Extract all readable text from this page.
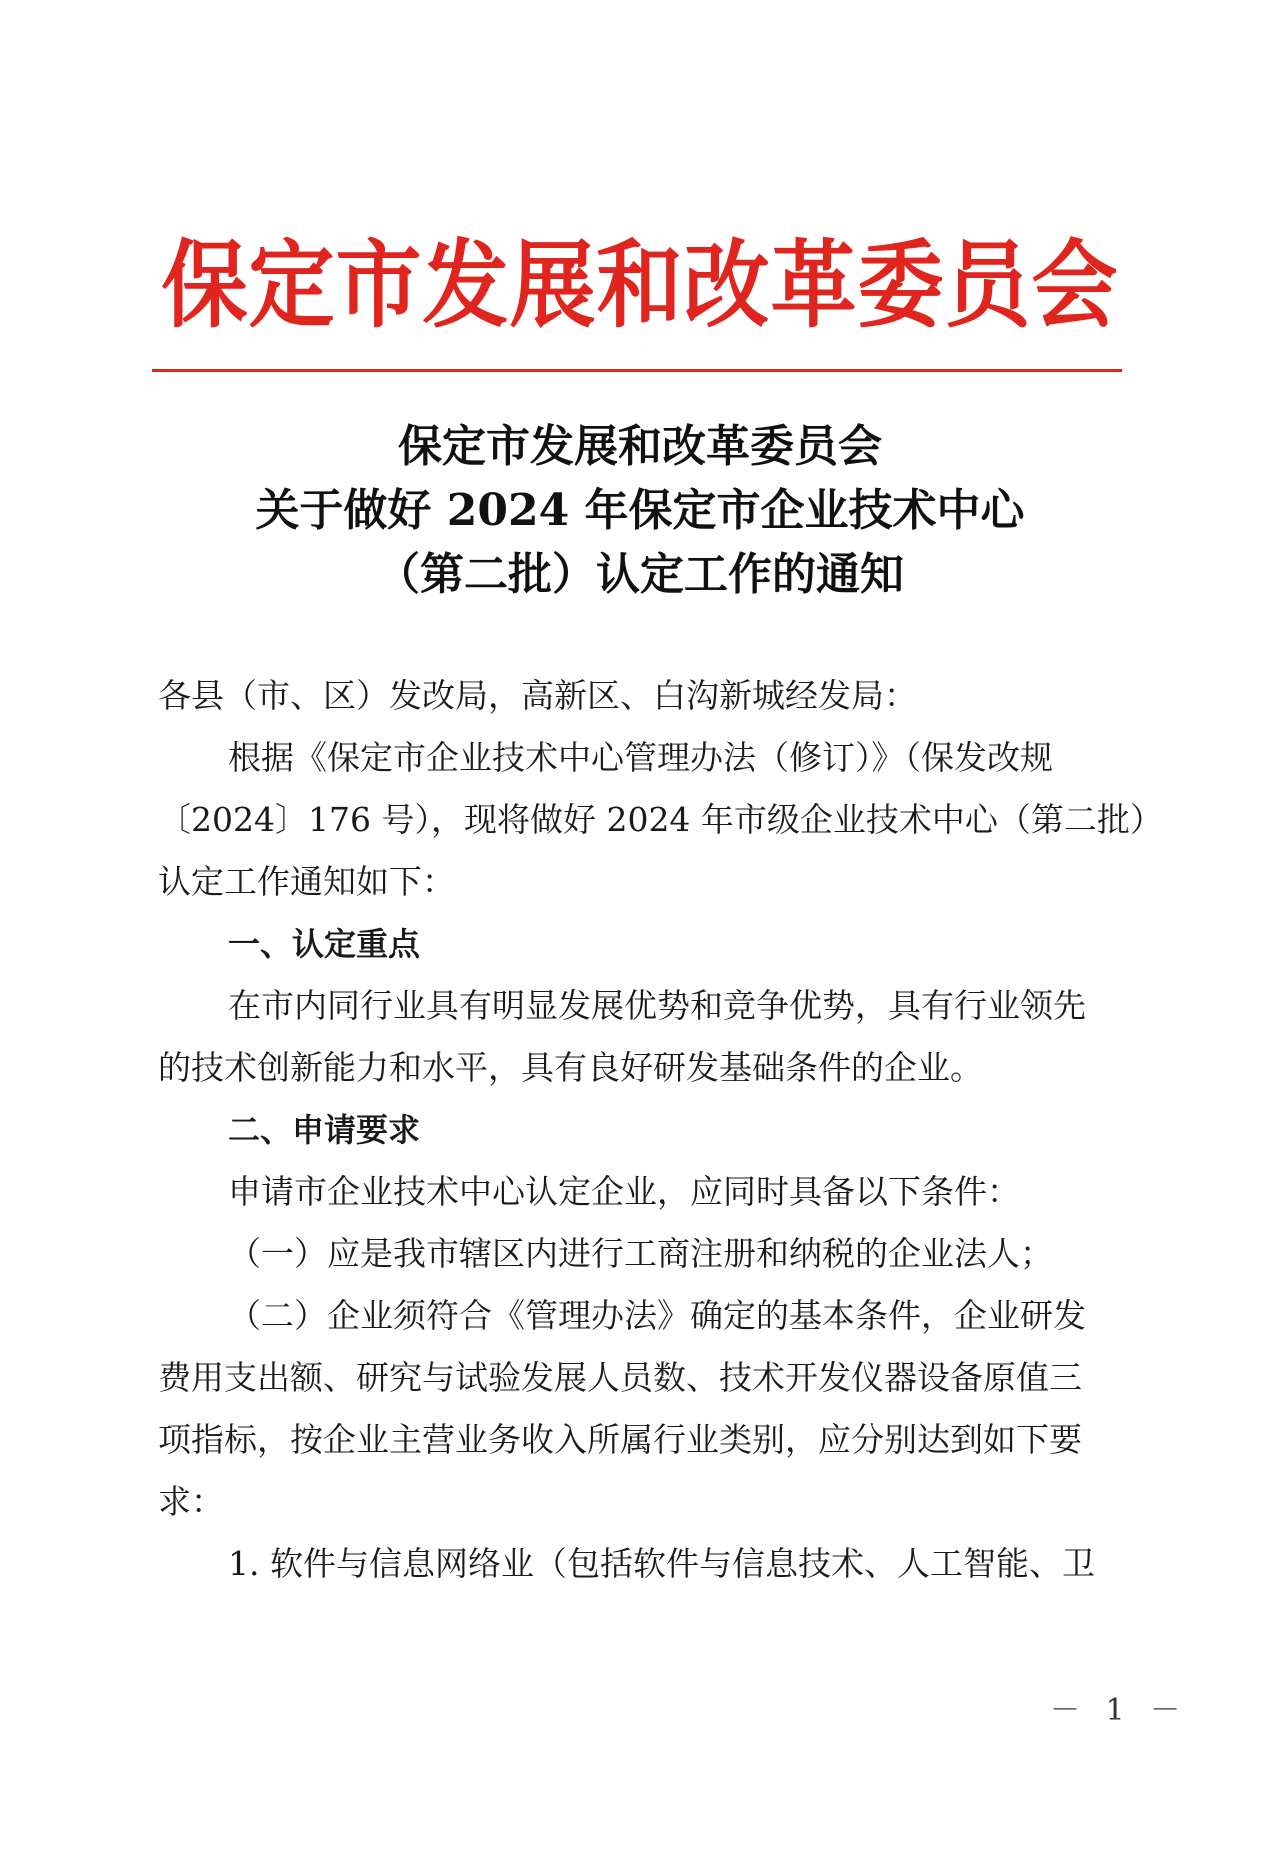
保定市发展和改革委员会
保定市发展和改革委员会
关于做好 2024 年保定市企业技术中心
（第二批）认定工作的通知
各县（市、区）发改局，高新区、白沟新城经发局：
根据《保定市企业技术中心管理办法（修订）》（保发改规
〔2024〕176 号），现将做好 2024 年市级企业技术中心（第二批）
认定工作通知如下：
一、认定重点
在市内同行业具有明显发展优势和竞争优势，具有行业领先
的技术创新能力和水平，具有良好研发基础条件的企业。
二、申请要求
申请市企业技术中心认定企业，应同时具备以下条件：
（一）应是我市辖区内进行工商注册和纳税的企业法人；
（二）企业须符合《管理办法》确定的基本条件，企业研发
费用支出额、研究与试验发展人员数、技术开发仪器设备原值三
项指标，按企业主营业务收入所属行业类别，应分别达到如下要
求：
1. 软件与信息网络业（包括软件与信息技术、人工智能、卫
－ 1 －
